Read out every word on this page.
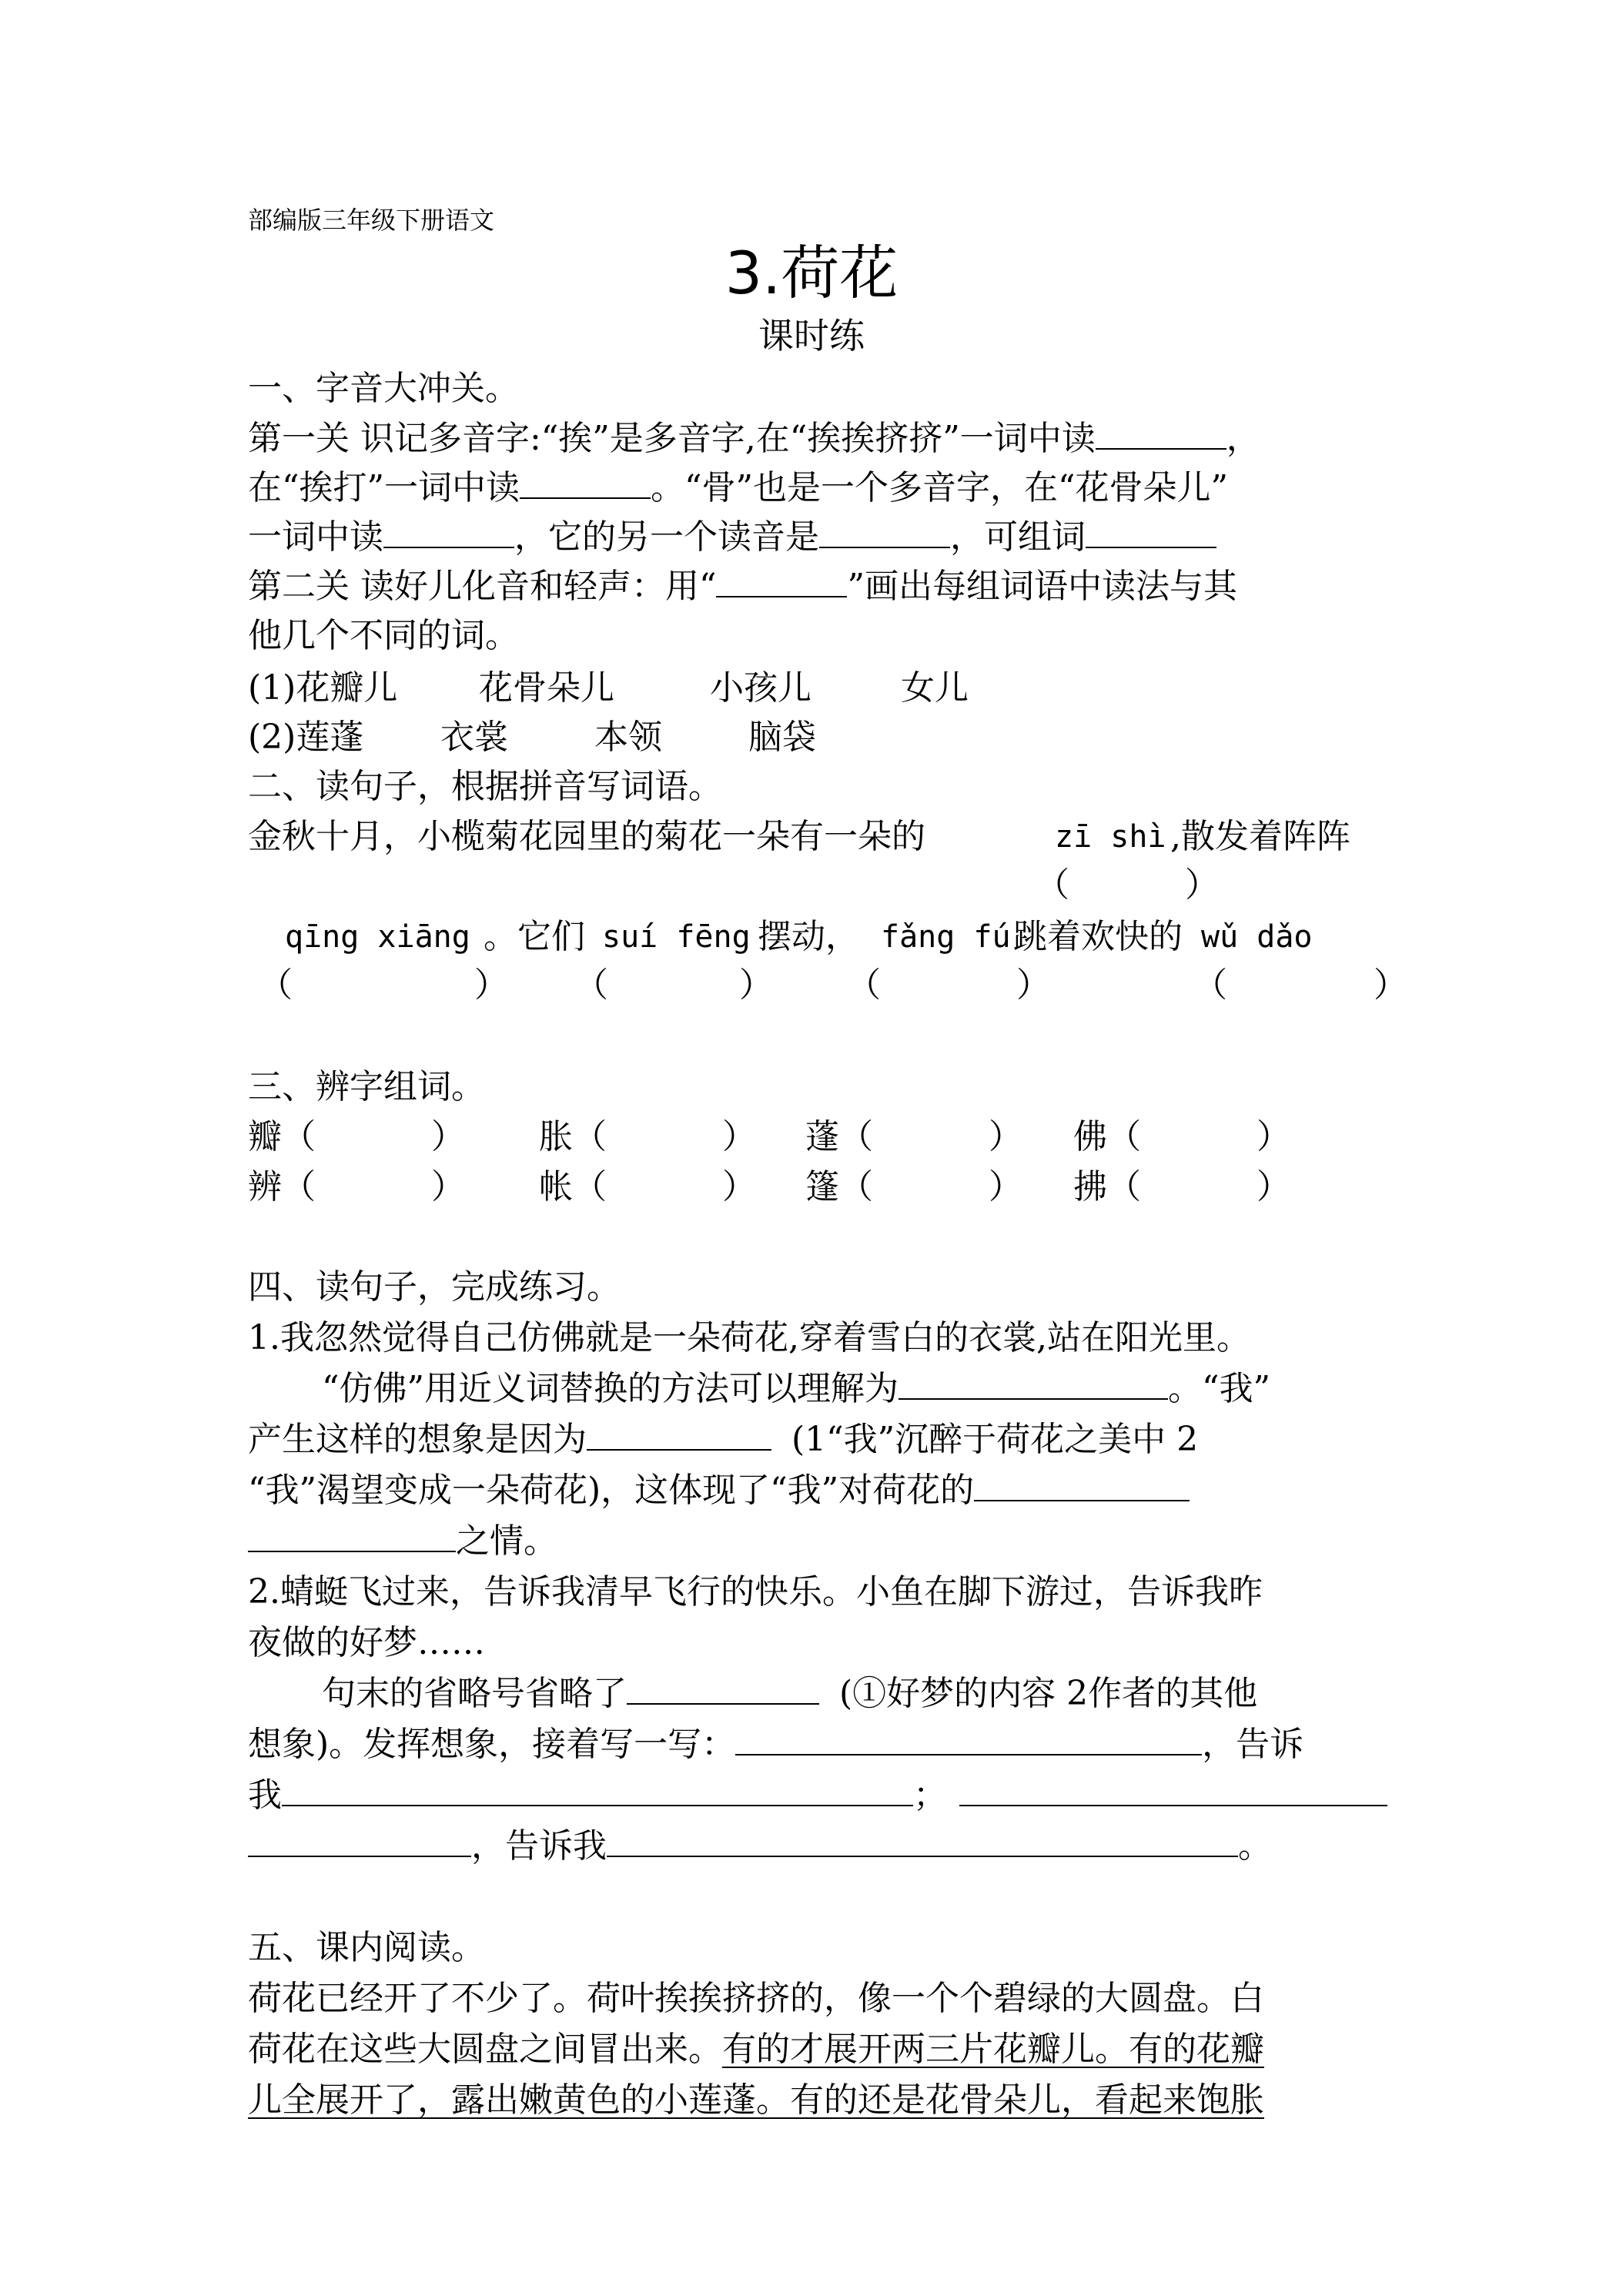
部编版三年级下册语文
3.荷花
课时练
一、字音大冲关。
第一关 识记多音字:“挨”是多音字,在“挨挨挤挤”一词中读	，
在“挨打”一词中读	。“骨”也是一个多音字，在“花骨朵儿”
一词中读	，它的另一个读音是	，可组词
第二关 读好儿化音和轻声：用“	”画出每组词语中读法与其
他几个不同的词。
(1)花瓣儿 花骨朵儿	小孩儿	女儿
(2)莲蓬 衣裳	本领	脑袋
二、读句子，根据拼音写词语。
金秋十月，小榄菊花园里的菊花一朵有一朵的	zī shì ,散发着阵阵
（	）
qīng xiāng 。它们 suí fēng 摆动， fǎng fú 跳着欢快的 wǔ dǎo
（	） （	） （	）	（	）
三、辨字组词。
瓣（	） 胀（	） 蓬（	） 佛（	）
辨（	） 帐（	） 篷（	） 拂（	）
四、读句子，完成练习。
1.我忽然觉得自己仿佛就是一朵荷花,穿着雪白的衣裳,站在阳光里。
“仿佛”用近义词替换的方法可以理解为	。“我”
产生这样的想象是因为	(1“我”沉醉于荷花之美中 2
“我”渴望变成一朵荷花)，这体现了“我”对荷花的
之情。
2.蜻蜓飞过来，告诉我清早飞行的快乐。小鱼在脚下游过，告诉我昨
夜做的好梦……
句末的省略号省略了	(①好梦的内容 2作者的其他
想象)。发挥想象，接着写一写：	，告诉
我	；
，告诉我	。
五、课内阅读。
荷花已经开了不少了。荷叶挨挨挤挤的，像一个个碧绿的大圆盘。白
荷花在这些大圆盘之间冒出来。有的才展开两三片花瓣儿。有的花瓣
儿全展开了，露出嫩黄色的小莲蓬。有的还是花骨朵儿，看起来饱胀
